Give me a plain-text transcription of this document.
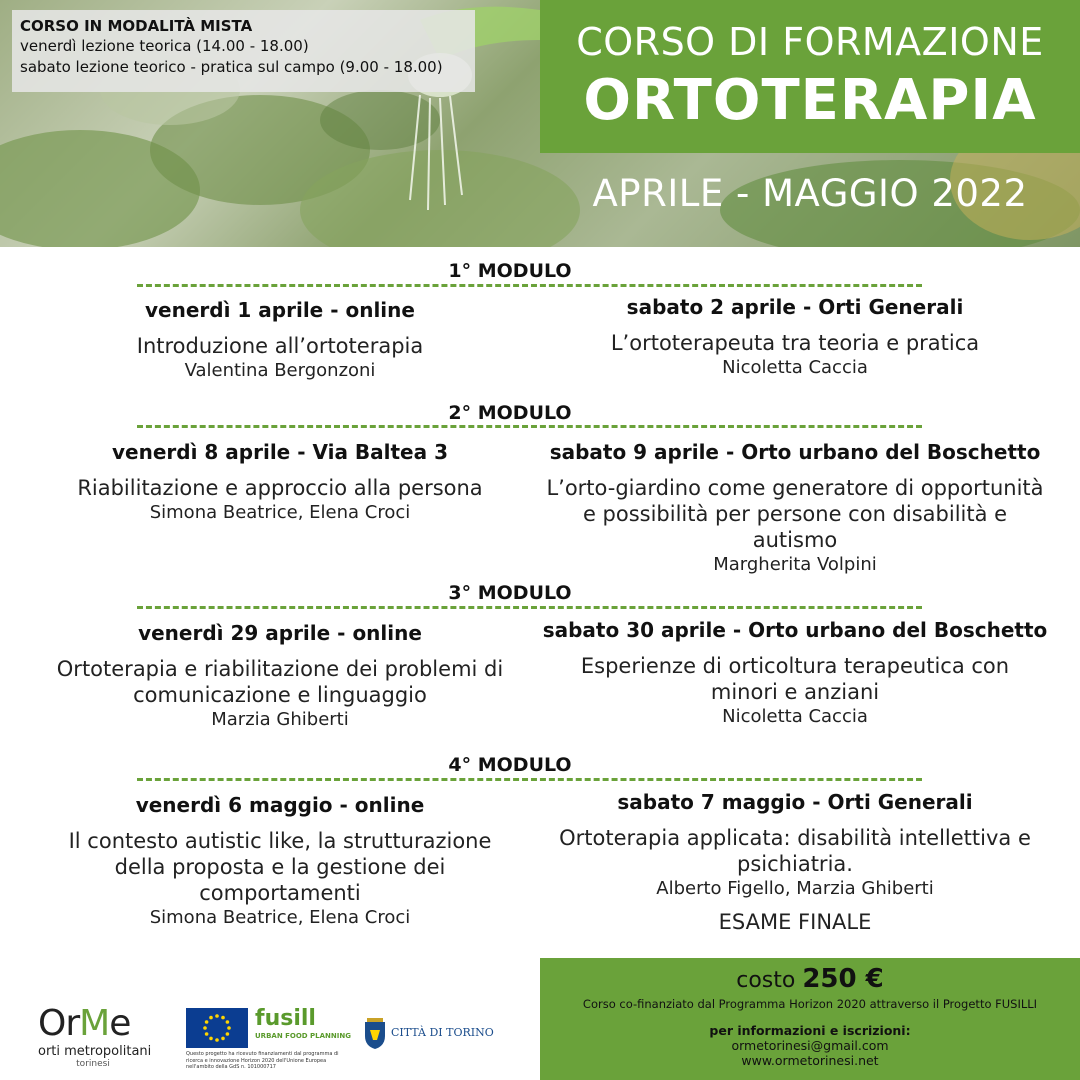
CORSO IN MODALITÀ MISTA
venerdì lezione teorica (14.00 - 18.00)
sabato lezione teorico - pratica sul campo (9.00 - 18.00)
CORSO DI FORMAZIONE
ORTOTERAPIA
APRILE - MAGGIO 2022
1° MODULO
venerdì 1 aprile - online
Introduzione all’ortoterapia
Valentina Bergonzoni
sabato 2 aprile - Orti Generali
L’ortoterapeuta tra teoria e pratica
Nicoletta Caccia
2° MODULO
venerdì 8 aprile - Via Baltea 3
Riabilitazione e approccio alla persona
Simona Beatrice, Elena Croci
sabato 9 aprile - Orto urbano del Boschetto
L’orto-giardino come generatore di opportunità
e possibilità per persone con disabilità e
autismo
Margherita Volpini
3° MODULO
venerdì 29 aprile - online
Ortoterapia e riabilitazione dei problemi di
comunicazione e linguaggio
Marzia Ghiberti
sabato 30 aprile - Orto urbano del Boschetto
Esperienze di orticoltura terapeutica con
minori e anziani
Nicoletta Caccia
4° MODULO
venerdì 6 maggio - online
Il contesto autistic like, la strutturazione
della proposta e la gestione dei
comportamenti
Simona Beatrice, Elena Croci
sabato 7 maggio - Orti Generali
Ortoterapia applicata: disabilità intellettiva e
psichiatria.
Alberto Figello, Marzia Ghiberti
ESAME FINALE
costo 250 €
Corso co-finanziato dal Programma Horizon 2020 attraverso il Progetto FUSILLI
per informazioni e iscrizioni:
ormetorinesi@gmail.com
www.ormetorinesi.net
OrMe
orti metropolitani
torinesi
fusill
URBAN FOOD PLANNING
Questo progetto ha ricevuto finanziamenti dal programma di ricerca e innovazione Horizon 2020 dell'Unione Europea nell'ambito della GdS n. 101000717
CITTÀ DI TORINO
